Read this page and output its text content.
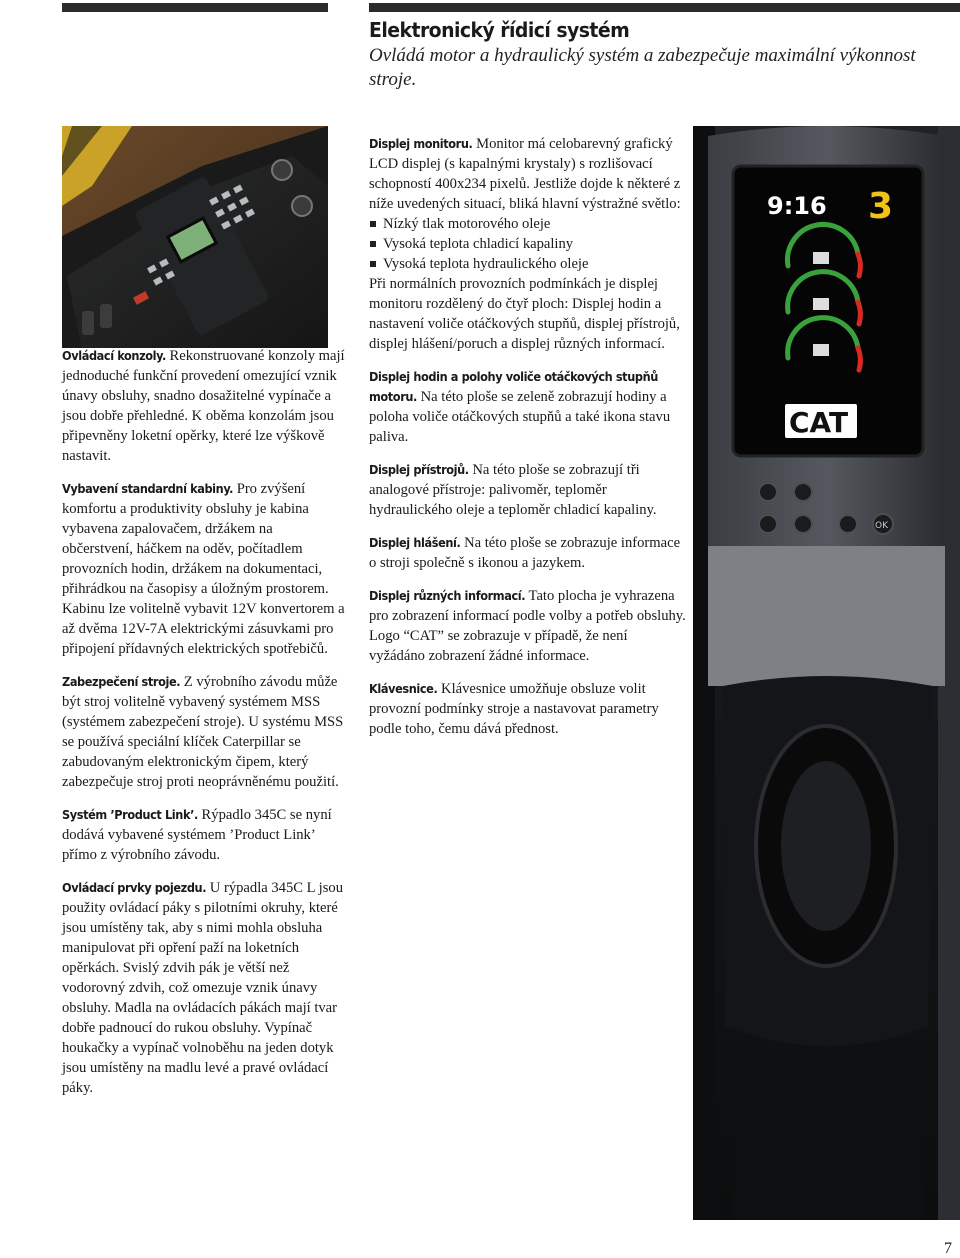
Elektronický řídicí systém

Ovládá motor a hydraulický systém a zabezpečuje maximální výkonnost stroje.

9:16 3
CAT
OK

Ovládací konzoly. Rekonstruované konzoly mají jednoduché funkční provedení omezující vznik únavy obsluhy, snadno dosažitelné vypínače a jsou dobře přehledné. K oběma konzolám jsou připevněny loketní opěrky, které lze výškově nastavit.

Vybavení standardní kabiny. Pro zvýšení komfortu a produktivity obsluhy je kabina vybavena zapalovačem, držákem na občerstvení, háčkem na oděv, počítadlem provozních hodin, držákem na dokumentaci, přihrádkou na časopisy a úložným prostorem. Kabinu lze volitelně vybavit 12V konvertorem a až dvěma 12V-7A elektrickými zásuvkami pro připojení přídavných elektrických spotřebičů.

Zabezpečení stroje. Z výrobního závodu může být stroj volitelně vybavený systémem MSS (systémem zabezpečení stroje). U systému MSS se používá speciální klíček Caterpillar se zabudovaným elektronickým čipem, který zabezpečuje stroj proti neoprávněnému použití.

Systém ’Product Link’. Rýpadlo 345C se nyní dodává vybavené systémem ’Product Link’ přímo z výrobního závodu.

Ovládací prvky pojezdu. U rýpadla 345C L jsou použity ovládací páky s pilotními okruhy, které jsou umístěny tak, aby s nimi mohla obsluha manipulovat při opření paží na loketních opěrkách. Svislý zdvih pák je větší než vodorovný zdvih, což omezuje vznik únavy obsluhy. Madla na ovládacích pákách mají tvar dobře padnoucí do rukou obsluhy. Vypínač houkačky a vypínač volnoběhu na jeden dotyk jsou umístěny na madlu levé a pravé ovládací páky.

Displej monitoru. Monitor má celobarevný grafický LCD displej (s kapalnými krystaly) s rozlišovací schopností 400x234 pixelů. Jestliže dojde k některé z níže uvedených situací, bliká hlavní výstražné světlo:

Nízký tlak motorového oleje
Vysoká teplota chladicí kapaliny
Vysoká teplota hydraulického oleje

Při normálních provozních podmínkách je displej monitoru rozdělený do čtyř ploch: Displej hodin a nastavení voliče otáčkových stupňů, displej přístrojů, displej hlášení/poruch a displej různých informací.

Displej hodin a polohy voliče otáčkových stupňů motoru. Na této ploše se zeleně zobrazují hodiny a poloha voliče otáčkových stupňů a také ikona stavu paliva.

Displej přístrojů. Na této ploše se zobrazují tři analogové přístroje: palivoměr, teploměr hydraulického oleje a teploměr chladicí kapaliny.

Displej hlášení. Na této ploše se zobrazuje informace o stroji společně s ikonou a jazykem.

Displej různých informací. Tato plocha je vyhrazena pro zobrazení informací podle volby a potřeb obsluhy. Logo “CAT” se zobrazuje v případě, že není vyžádáno zobrazení žádné informace.

Klávesnice. Klávesnice umožňuje obsluze volit provozní podmínky stroje a nastavovat parametry podle toho, čemu dává přednost.

7
